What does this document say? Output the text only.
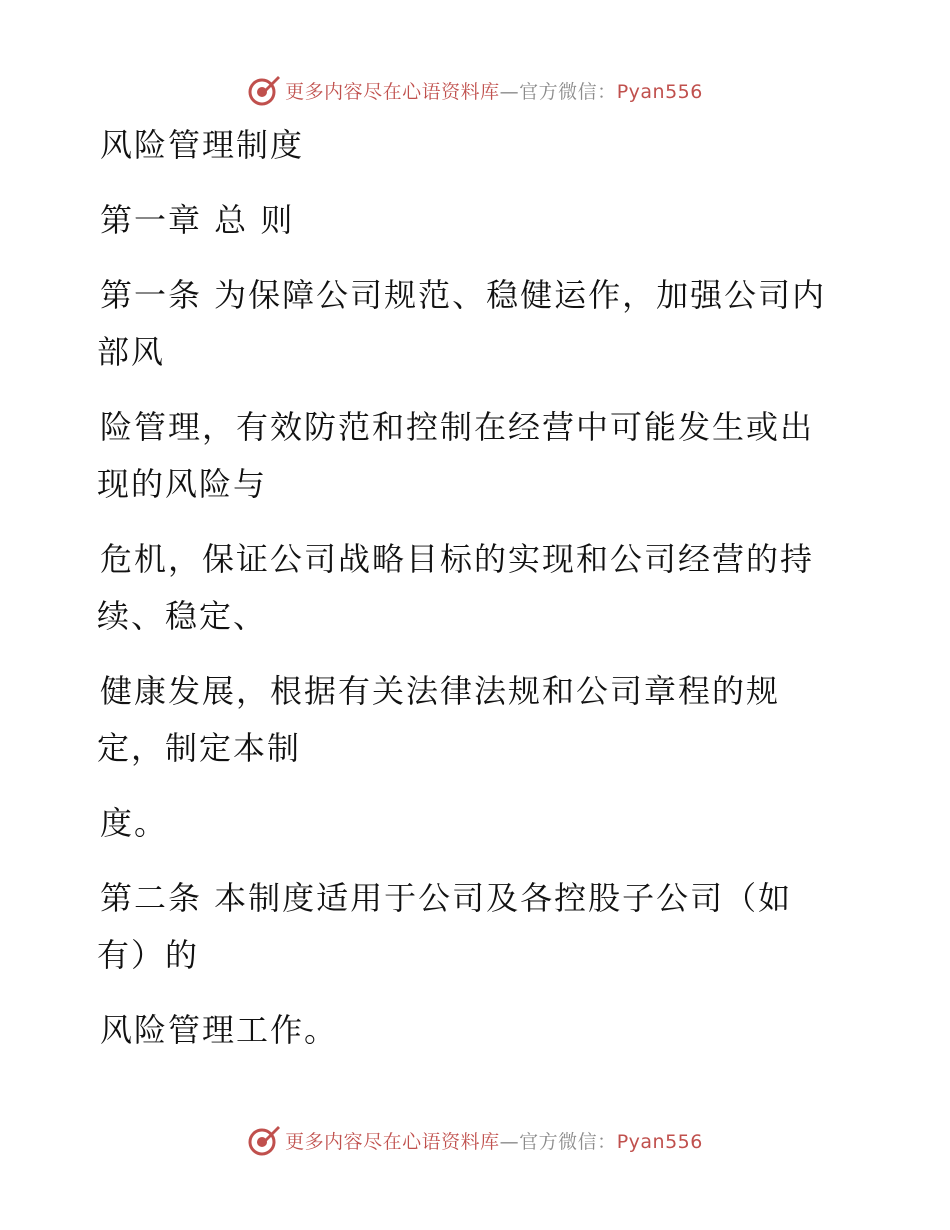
更多内容尽在心语资料库—官方微信：Pyan556

风险管理制度

第一章 总 则

第一条 为保障公司规范、稳健运作，加强公司内

部风

险管理，有效防范和控制在经营中可能发生或出

现的风险与

危机，保证公司战略目标的实现和公司经营的持

续、稳定、

健康发展，根据有关法律法规和公司章程的规

定，制定本制

度。

第二条 本制度适用于公司及各控股子公司（如

有）的

风险管理工作。

更多内容尽在心语资料库—官方微信：Pyan556
